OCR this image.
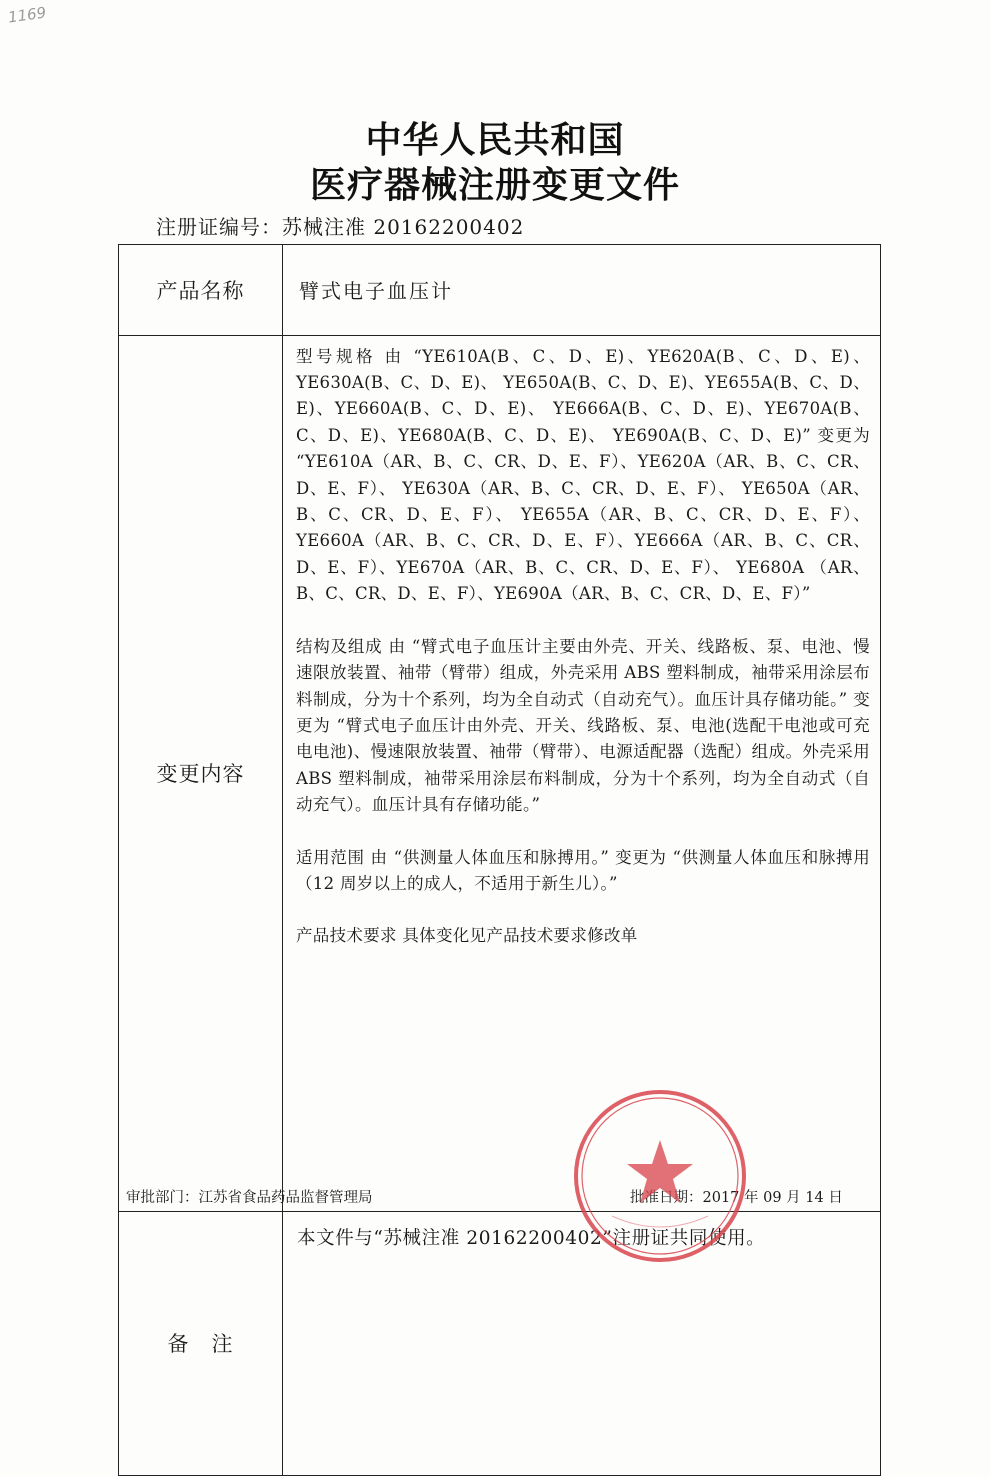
1169
中华人民共和国
医疗器械注册变更文件
注册证编号：苏械注准 20162200402
产品名称	臂式电子血压计
变更内容	型号规格 由 “YE610A(B、C、D、E)、YE620A(B、C、D、E)、YE630A(B、C、D、E)、 YE650A(B、C、D、E)、YE655A(B、C、D、E)、YE660A(B、C、D、E)、 YE666A(B、C、D、E)、YE670A(B、C、D、E)、YE680A(B、C、D、E)、 YE690A(B、C、D、E)” 变更为 “YE610A（AR、B、C、CR、D、E、F）、YE620A（AR、B、C、CR、D、E、F）、 YE630A（AR、B、C、CR、D、E、F）、 YE650A（AR、B、C、CR、D、E、F）、 YE655A（AR、B、C、CR、D、E、F）、 YE660A（AR、B、C、CR、D、E、F）、YE666A（AR、B、C、CR、D、E、F）、YE670A（AR、B、C、CR、D、E、F）、 YE680A （AR、B、C、CR、D、E、F）、YE690A（AR、B、C、CR、D、E、F）”

结构及组成 由 “臂式电子血压计主要由外壳、开关、线路板、泵、电池、慢速限放装置、袖带（臂带）组成，外壳采用 ABS 塑料制成，袖带采用涂层布料制成，分为十个系列，均为全自动式（自动充气）。血压计具存储功能。” 变更为 “臂式电子血压计由外壳、开关、线路板、泵、电池(选配干电池或可充电电池)、慢速限放装置、袖带（臂带）、电源适配器（选配）组成。外壳采用 ABS 塑料制成，袖带采用涂层布料制成，分为十个系列，均为全自动式（自动充气）。血压计具有存储功能。”

适用范围 由 “供测量人体血压和脉搏用。” 变更为 “供测量人体血压和脉搏用（12 周岁以上的成人，不适用于新生儿）。”

产品技术要求 具体变化见产品技术要求修改单

备　注	本文件与“苏械注准 20162200402”注册证共同使用。
审批部门：江苏省食品药品监督管理局	批准日期：2017 年 09 月 14 日
